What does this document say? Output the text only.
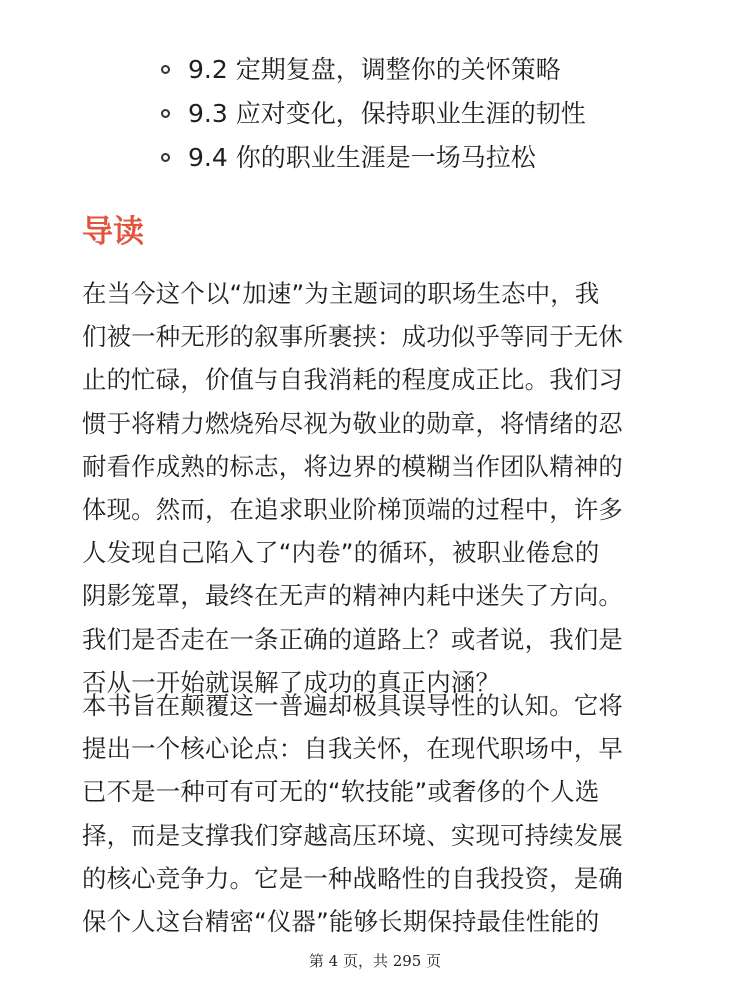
9.2 定期复盘，调整你的关怀策略
9.3 应对变化，保持职业生涯的韧性
9.4 你的职业生涯是一场马拉松
导读

在当今这个以“加速”为主题词的职场生态中，我
们被一种无形的叙事所裹挟：成功似乎等同于无休
止的忙碌，价值与自我消耗的程度成正比。我们习
惯于将精力燃烧殆尽视为敬业的勋章，将情绪的忍
耐看作成熟的标志，将边界的模糊当作团队精神的
体现。然而，在追求职业阶梯顶端的过程中，许多
人发现自己陷入了“内卷”的循环，被职业倦怠的
阴影笼罩，最终在无声的精神内耗中迷失了方向。
我们是否走在一条正确的道路上？或者说，我们是
否从一开始就误解了成功的真正内涵？

本书旨在颠覆这一普遍却极具误导性的认知。它将
提出一个核心论点：自我关怀，在现代职场中，早
已不是一种可有可无的“软技能”或奢侈的个人选
择，而是支撑我们穿越高压环境、实现可持续发展
的核心竞争力。它是一种战略性的自我投资，是确
保个人这台精密“仪器”能够长期保持最佳性能的

第 4 页，共 295 页
